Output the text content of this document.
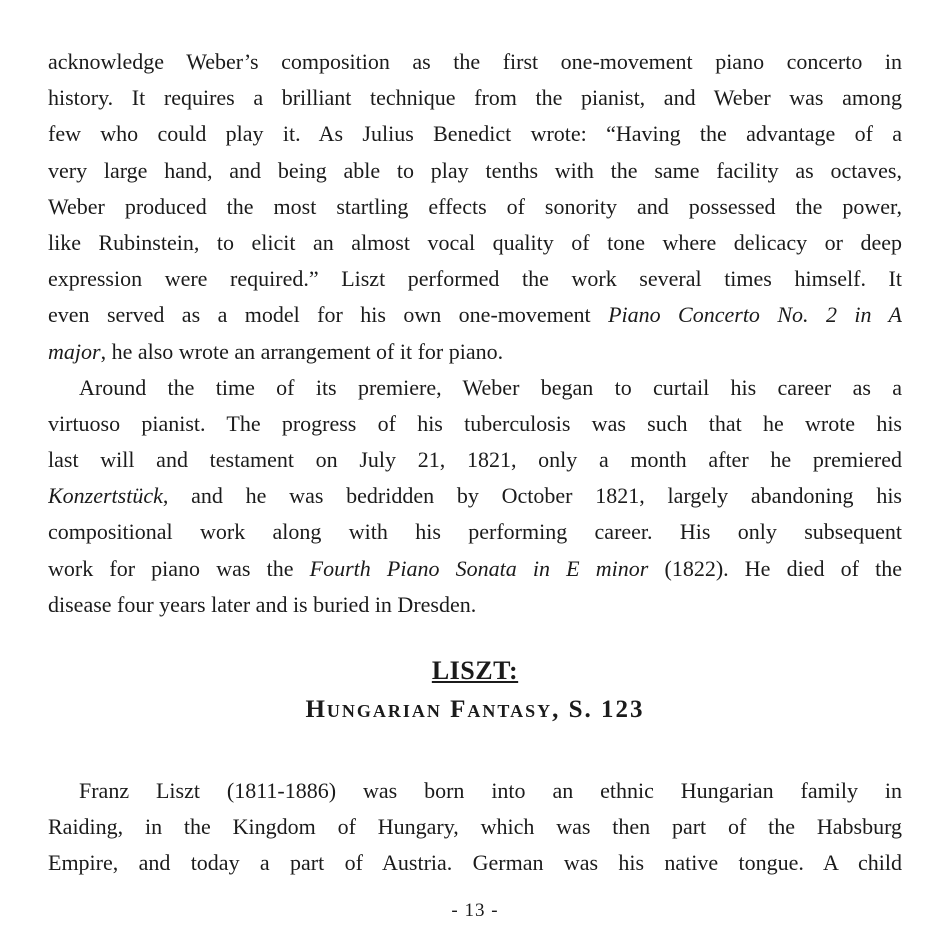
acknowledge Weber’s composition as the first one-movement piano concerto in
history. It requires a brilliant technique from the pianist, and Weber was among
few who could play it. As Julius Benedict wrote: “Having the advantage of a
very large hand, and being able to play tenths with the same facility as octaves,
Weber produced the most startling effects of sonority and possessed the power,
like Rubinstein, to elicit an almost vocal quality of tone where delicacy or deep
expression were required.” Liszt performed the work several times himself. It
even served as a model for his own one-movement Piano Concerto No. 2 in A
major, he also wrote an arrangement of it for piano.
Around the time of its premiere, Weber began to curtail his career as a
virtuoso pianist. The progress of his tuberculosis was such that he wrote his
last will and testament on July 21, 1821, only a month after he premiered
Konzertstück, and he was bedridden by October 1821, largely abandoning his
compositional work along with his performing career. His only subsequent
work for piano was the Fourth Piano Sonata in E minor (1822). He died of the
disease four years later and is buried in Dresden.
LISZT:
Hungarian Fantasy, S. 123
Franz Liszt (1811-1886) was born into an ethnic Hungarian family in
Raiding, in the Kingdom of Hungary, which was then part of the Habsburg
Empire, and today a part of Austria. German was his native tongue. A child
- 13 -
